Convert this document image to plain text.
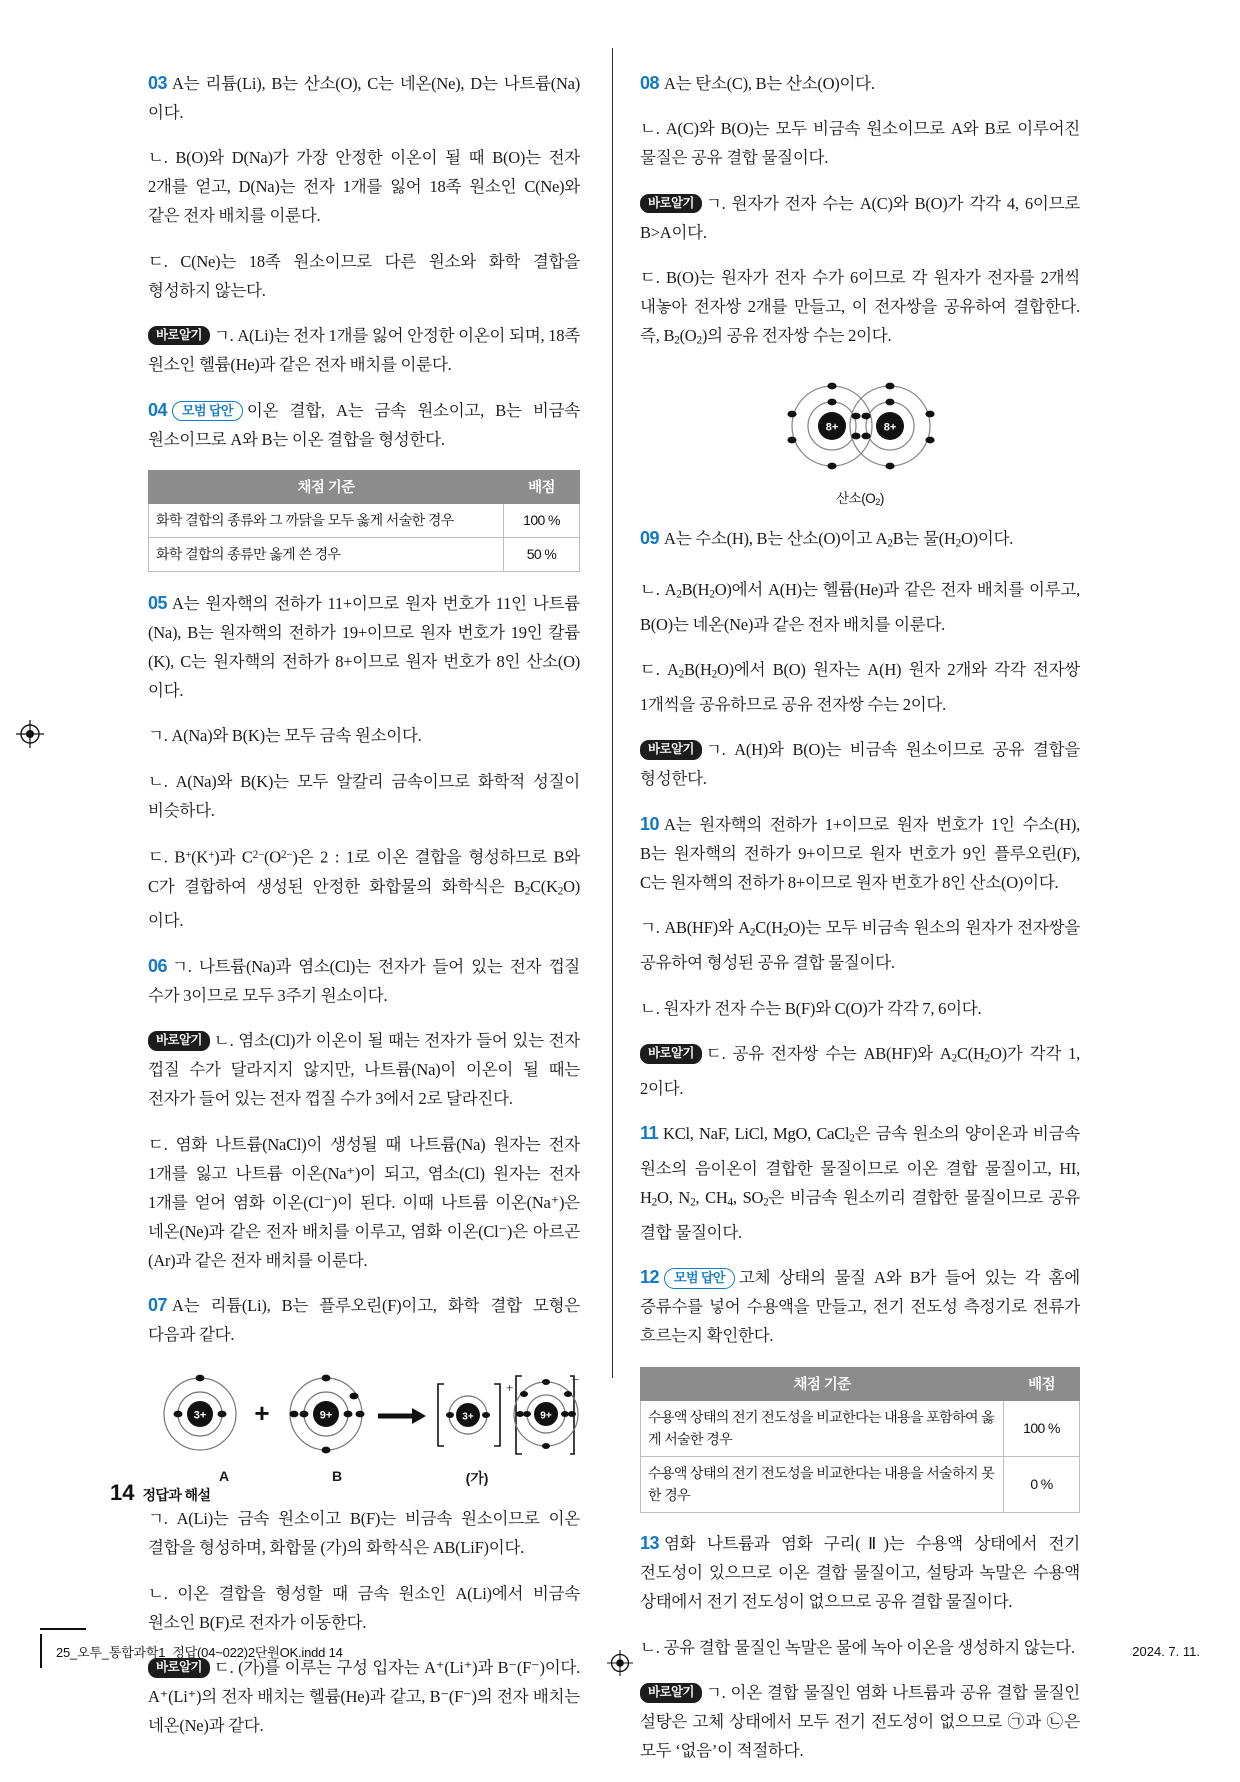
03 A는 리튬(Li), B는 산소(O), C는 네온(Ne), D는 나트륨(Na)이다.

ㄴ. B(O)와 D(Na)가 가장 안정한 이온이 될 때 B(O)는 전자 2개를 얻고, D(Na)는 전자 1개를 잃어 18족 원소인 C(Ne)와 같은 전자 배치를 이룬다.

ㄷ. C(Ne)는 18족 원소이므로 다른 원소와 화학 결합을 형성하지 않는다.

바로알기 ㄱ. A(Li)는 전자 1개를 잃어 안정한 이온이 되며, 18족 원소인 헬륨(He)과 같은 전자 배치를 이룬다.

04 모범 답안 이온 결합, A는 금속 원소이고, B는 비금속 원소이므로 A와 B는 이온 결합을 형성한다.

채점 기준	배점
화학 결합의 종류와 그 까닭을 모두 옳게 서술한 경우	100 %
화학 결합의 종류만 옳게 쓴 경우	50 %

05 A는 원자핵의 전하가 11+이므로 원자 번호가 11인 나트륨(Na), B는 원자핵의 전하가 19+이므로 원자 번호가 19인 칼륨(K), C는 원자핵의 전하가 8+이므로 원자 번호가 8인 산소(O)이다.

ㄱ. A(Na)와 B(K)는 모두 금속 원소이다.

ㄴ. A(Na)와 B(K)는 모두 알칼리 금속이므로 화학적 성질이 비슷하다.

ㄷ. B+(K+)과 $C^{2-}(O^{2-})$은 2 : 1로 이온 결합을 형성하므로 B와 C가 결합하여 생성된 안정한 화합물의 화학식은 $B_2C(K_2O)$이다.

06 ㄱ. 나트륨(Na)과 염소(Cl)는 전자가 들어 있는 전자 껍질 수가 3이므로 모두 3주기 원소이다.

바로알기 ㄴ. 염소(Cl)가 이온이 될 때는 전자가 들어 있는 전자 껍질 수가 달라지지 않지만, 나트륨(Na)이 이온이 될 때는 전자가 들어 있는 전자 껍질 수가 3에서 2로 달라진다.

ㄷ. 염화 나트륨(NaCl)이 생성될 때 나트륨(Na) 원자는 전자 1개를 잃고 나트륨 이온(Na⁺)이 되고, 염소(Cl) 원자는 전자 1개를 얻어 염화 이온(Cl⁻)이 된다. 이때 나트륨 이온(Na⁺)은 네온(Ne)과 같은 전자 배치를 이루고, 염화 이온(Cl⁻)은 아르곤(Ar)과 같은 전자 배치를 이룬다.

07 A는 리튬(Li), B는 플루오린(F)이고, 화학 결합 모형은 다음과 같다.

3+ +	9+
+
3+
−
9+
A	B	(가)

ㄱ. A(Li)는 금속 원소이고 B(F)는 비금속 원소이므로 이온 결합을 형성하며, 화합물 (가)의 화학식은 AB(LiF)이다.

ㄴ. 이온 결합을 형성할 때 금속 원소인 A(Li)에서 비금속 원소인 B(F)로 전자가 이동한다.

바로알기 ㄷ. (가)를 이루는 구성 입자는 A⁺(Li⁺)과 B⁻(F⁻)이다. A⁺(Li⁺)의 전자 배치는 헬륨(He)과 같고, B⁻(F⁻)의 전자 배치는 네온(Ne)과 같다.

08 A는 탄소(C), B는 산소(O)이다.

ㄴ. A(C)와 B(O)는 모두 비금속 원소이므로 A와 B로 이루어진 물질은 공유 결합 물질이다.

바로알기 ㄱ. 원자가 전자 수는 A(C)와 B(O)가 각각 4, 6이므로 B>A이다.

ㄷ. B(O)는 원자가 전자 수가 6이므로 각 원자가 전자를 2개씩 내놓아 전자쌍 2개를 만들고, 이 전자쌍을 공유하여 결합한다. 즉, $B_2(O_2)$의 공유 전자쌍 수는 2이다.

8+	8+
산소$(O_2)$

09 A는 수소(H), B는 산소(O)이고 $A_2B$는 물$(H_2O)$이다.

ㄴ. $A_2B(H_2O)$에서 A(H)는 헬륨(He)과 같은 전자 배치를 이루고, B(O)는 네온(Ne)과 같은 전자 배치를 이룬다.

ㄷ. $A_2B(H_2O)$에서 B(O) 원자는 A(H) 원자 2개와 각각 전자쌍 1개씩을 공유하므로 공유 전자쌍 수는 2이다.

바로알기 ㄱ. A(H)와 B(O)는 비금속 원소이므로 공유 결합을 형성한다.

10 A는 원자핵의 전하가 1+이므로 원자 번호가 1인 수소(H), B는 원자핵의 전하가 9+이므로 원자 번호가 9인 플루오린(F), C는 원자핵의 전하가 8+이므로 원자 번호가 8인 산소(O)이다.

ㄱ. AB(HF)와 $A_2C(H_2O)$는 모두 비금속 원소의 원자가 전자쌍을 공유하여 형성된 공유 결합 물질이다.

ㄴ. 원자가 전자 수는 B(F)와 C(O)가 각각 7, 6이다.

바로알기 ㄷ. 공유 전자쌍 수는 AB(HF)와 $A_2C(H_2O)$가 각각 1, 2이다.

11 KCl, NaF, LiCl, MgO, CaCl$_2$은 금속 원소의 양이온과 비금속 원소의 음이온이 결합한 물질이므로 이온 결합 물질이고, HI, $H_2O$, $N_2$, $CH_4$, $SO_2$은 비금속 원소끼리 결합한 물질이므로 공유 결합 물질이다.

12 모범 답안 고체 상태의 물질 A와 B가 들어 있는 각 홈에 증류수를 넣어 수용액을 만들고, 전기 전도성 측정기로 전류가 흐르는지 확인한다.

채점 기준	배점
수용액 상태의 전기 전도성을 비교한다는 내용을 포함하여 옳게 서술한 경우	100 %
수용액 상태의 전기 전도성을 비교한다는 내용을 서술하지 못한 경우	0 %

13 염화 나트륨과 염화 구리(Ⅱ)는 수용액 상태에서 전기 전도성이 있으므로 이온 결합 물질이고, 설탕과 녹말은 수용액 상태에서 전기 전도성이 없으므로 공유 결합 물질이다.

ㄴ. 공유 결합 물질인 녹말은 물에 녹아 이온을 생성하지 않는다.

바로알기 ㄱ. 이온 결합 물질인 염화 나트륨과 공유 결합 물질인 설탕은 고체 상태에서 모두 전기 전도성이 없으므로 ㉠과 ㉡은 모두 ‘없음’이 적절하다.

14 정답과 해설
25_오투_통합과학1_정답(04~022)2단원OK.indd 14	2024. 7. 11.
